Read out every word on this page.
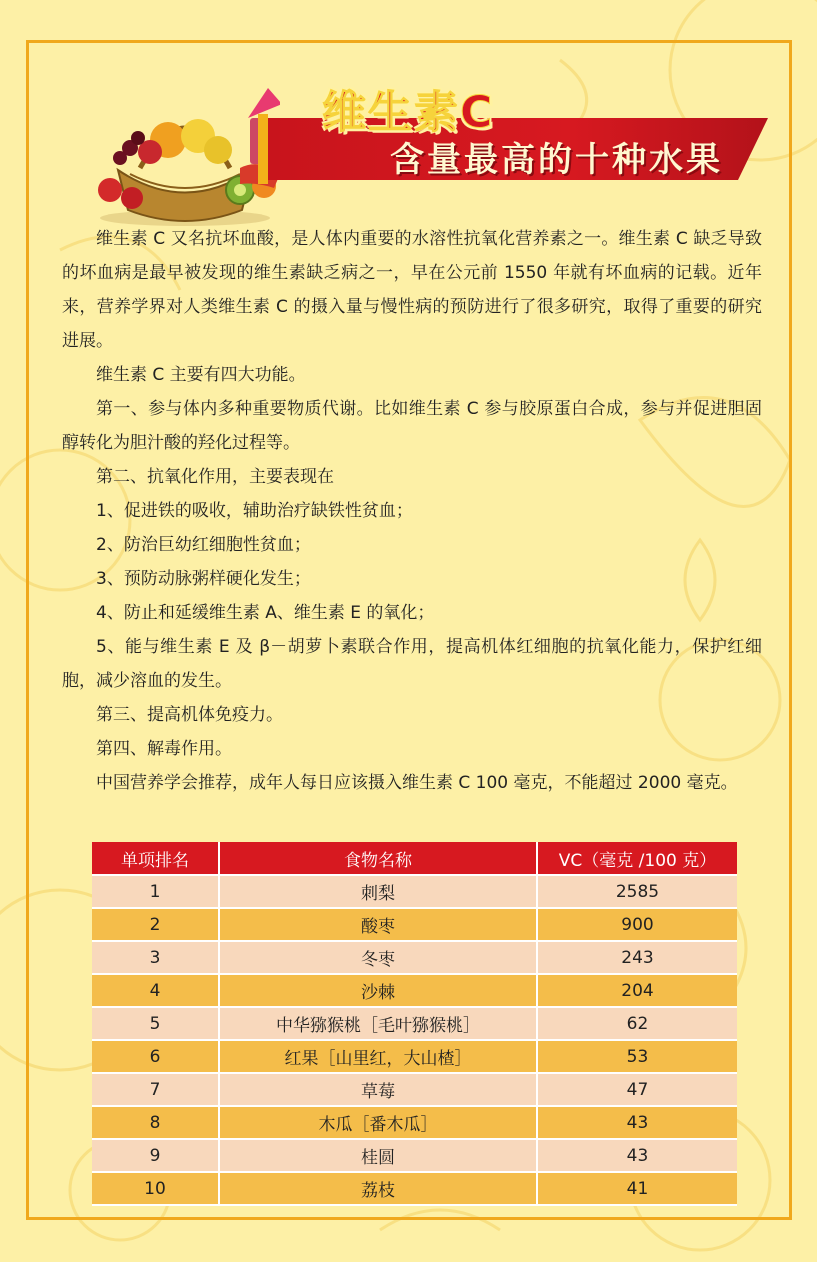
维生素C
含量最高的十种水果

维生素 C 又名抗坏血酸，是人体内重要的水溶性抗氧化营养素之一。维生素 C 缺乏导致的坏血病是最早被发现的维生素缺乏病之一，早在公元前 1550 年就有坏血病的记载。近年来，营养学界对人类维生素 C 的摄入量与慢性病的预防进行了很多研究，取得了重要的研究进展。

维生素 C 主要有四大功能。

第一、参与体内多种重要物质代谢。比如维生素 C 参与胶原蛋白合成，参与并促进胆固醇转化为胆汁酸的羟化过程等。

第二、抗氧化作用，主要表现在

1、促进铁的吸收，辅助治疗缺铁性贫血；

2、防治巨幼红细胞性贫血；

3、预防动脉粥样硬化发生；

4、防止和延缓维生素 A、维生素 E 的氧化；

5、能与维生素 E 及 β－胡萝卜素联合作用，提高机体红细胞的抗氧化能力，保护红细胞，减少溶血的发生。

第三、提高机体免疫力。

第四、解毒作用。

中国营养学会推荐，成年人每日应该摄入维生素 C 100 毫克，不能超过 2000 毫克。

单项排名	食物名称	VC（毫克 /100 克）
1	刺梨	2585
2	酸枣	900
3	冬枣	243
4	沙棘	204
5	中华猕猴桃［毛叶猕猴桃］	62
6	红果［山里红，大山楂］	53
7	草莓	47
8	木瓜［番木瓜］	43
9	桂圆	43
10	荔枝	41
